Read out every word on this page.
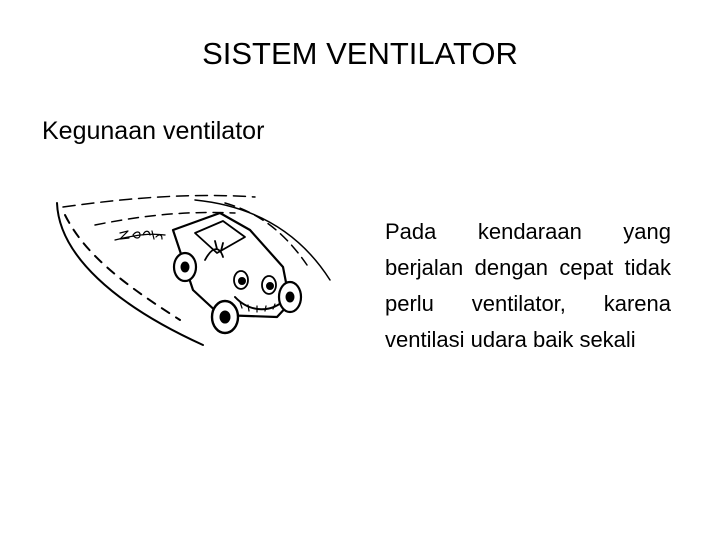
SISTEM VENTILATOR
Kegunaan ventilator
Pada kendaraan yang berjalan dengan cepat tidak perlu ventilator, karena ventilasi udara baik sekali
